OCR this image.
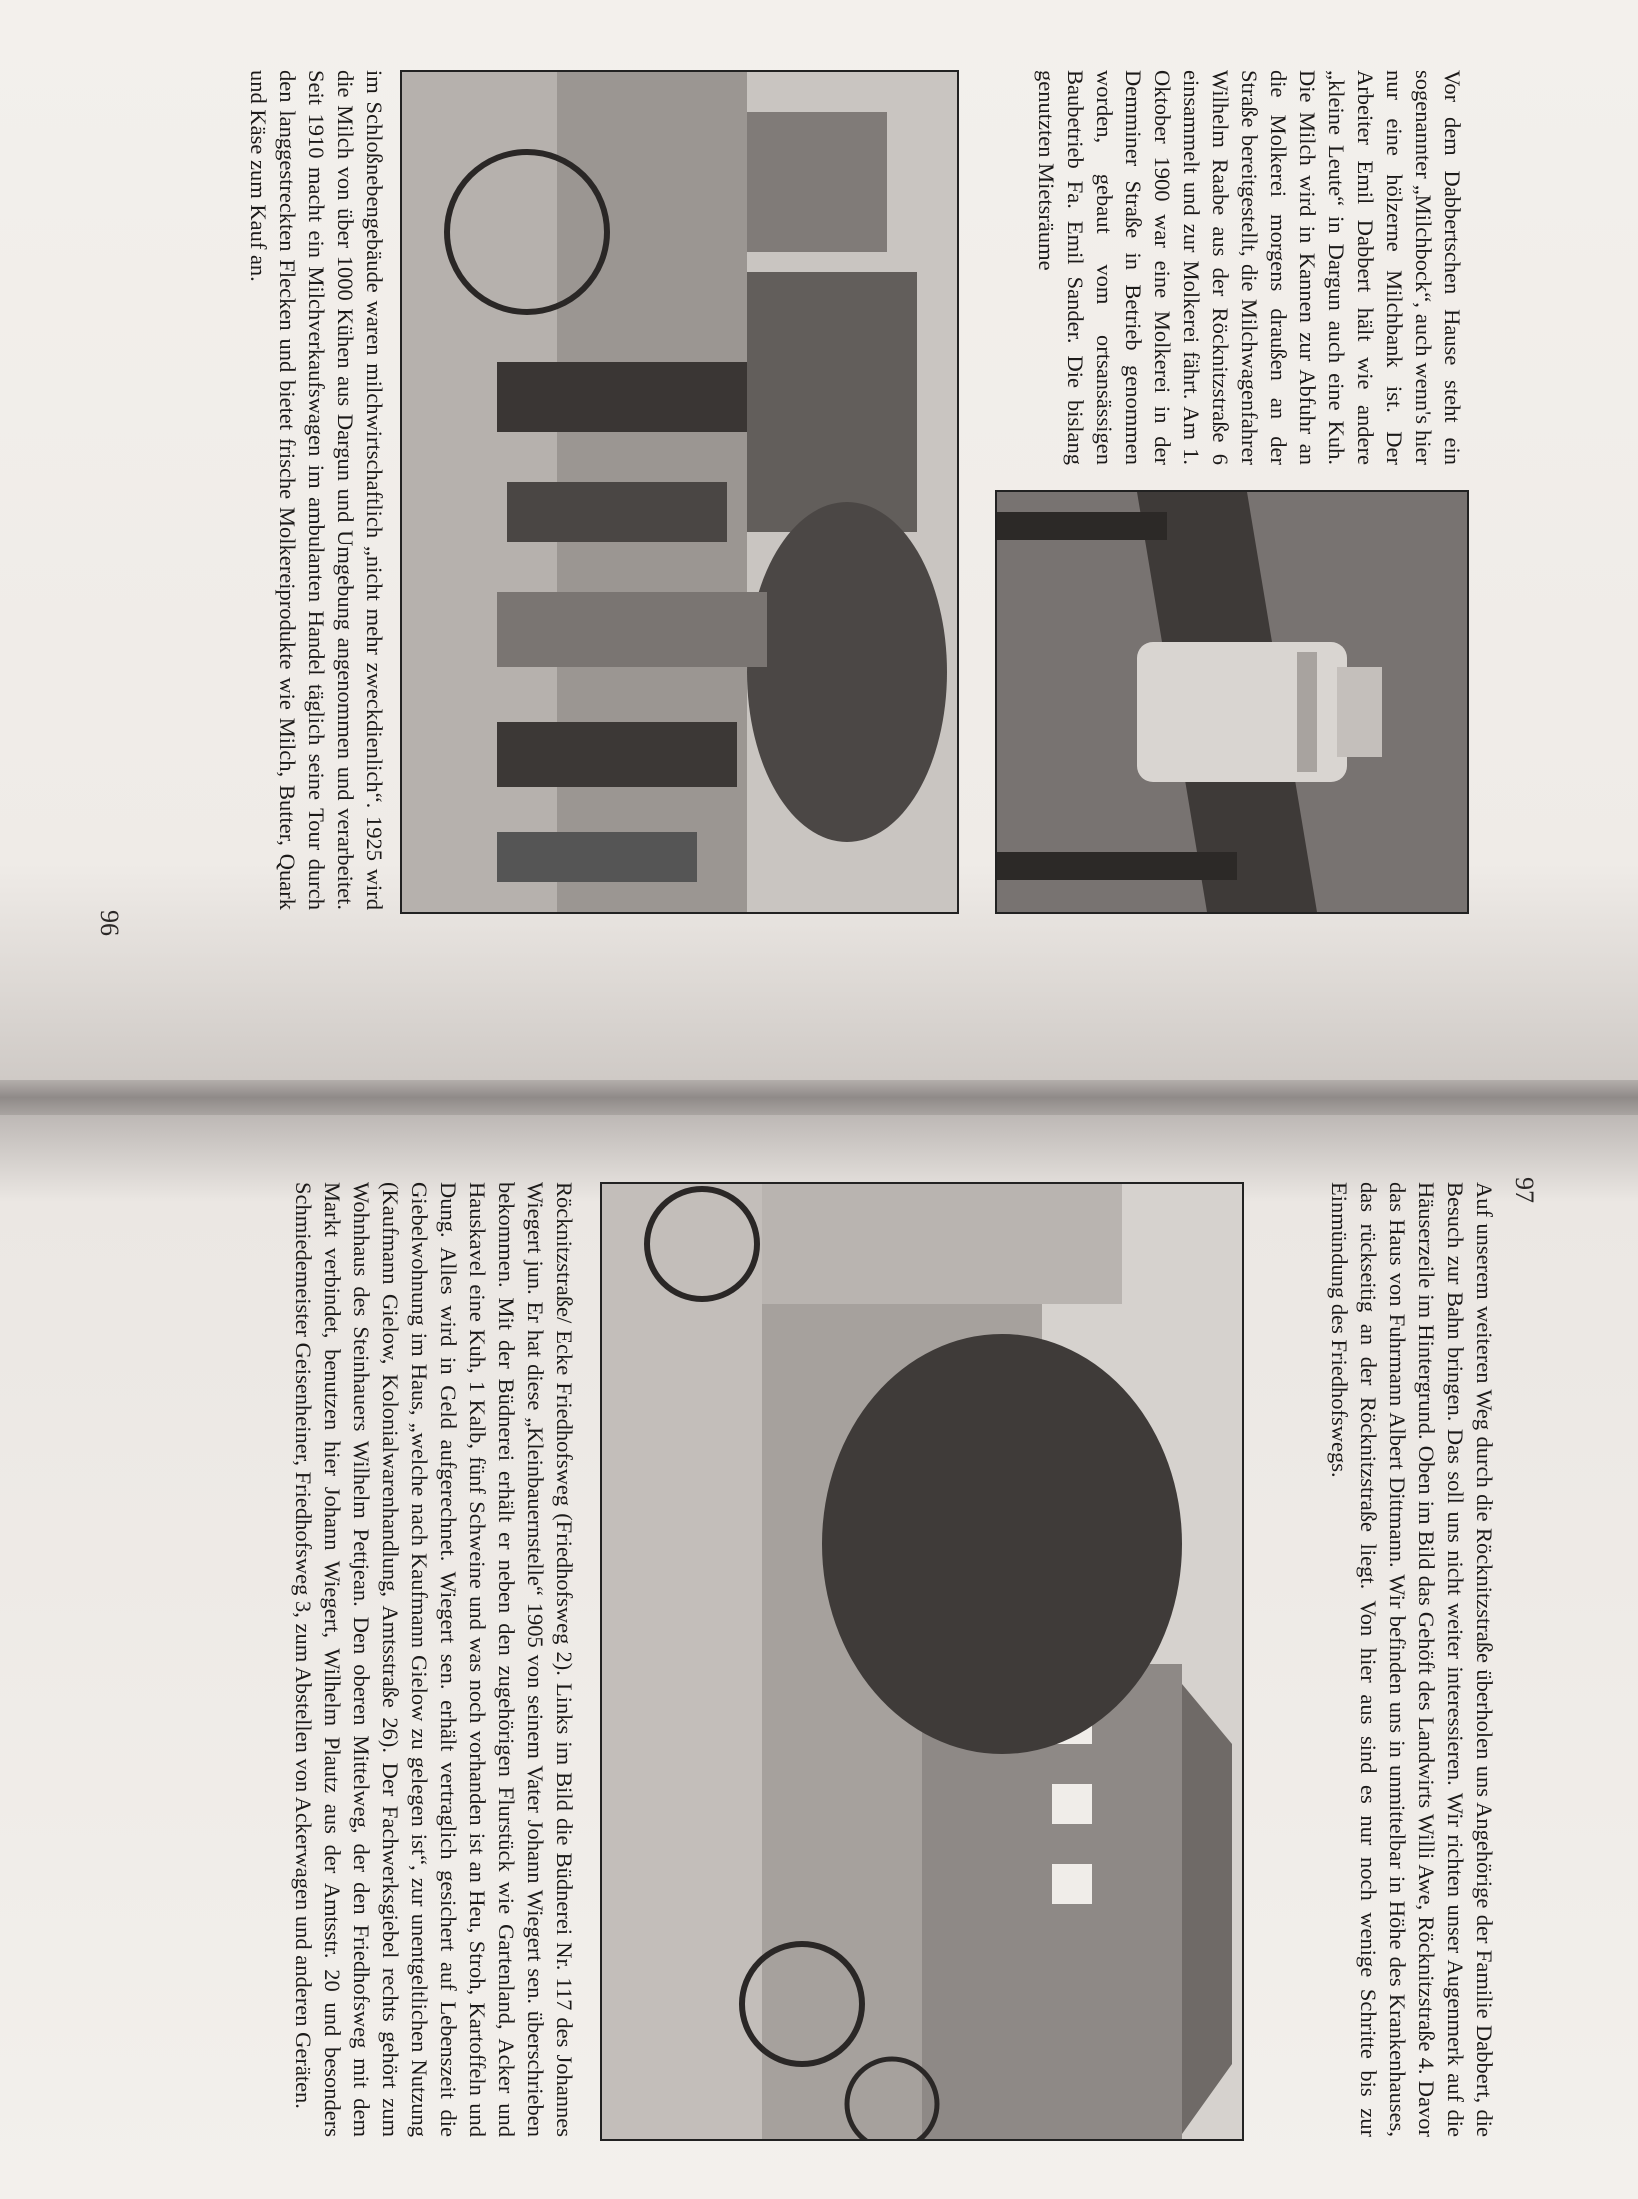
Vor dem Dabbertschen Hause steht ein sogenannter „Milchbock“, auch wenn's hier nur eine hölzerne Milchbank ist. Der Arbeiter Emil Dabbert hält wie andere „kleine Leute“ in Dargun auch eine Kuh. Die Milch wird in Kannen zur Abfuhr an die Molkerei morgens draußen an der Straße bereitgestellt, die Milchwagenfahrer Wilhelm Raabe aus der Röcknitzstraße 6 einsammelt und zur Molkerei fährt. Am 1. Oktober 1900 war eine Molkerei in der Demminer Straße in Betrieb genommen worden, gebaut vom ortsansässigen Baubetrieb Fa. Emil Sander. Die bislang genutzten Mietsräume
im Schloßnebengebäude waren milchwirtschaftlich „nicht mehr zweckdienlich“. 1925 wird die Milch von über 1000 Kühen aus Dargun und Umgebung angenommen und verarbeitet. Seit 1910 macht ein Milchverkaufswagen im ambulanten Handel täglich seine Tour durch den langgestreckten Flecken und bietet frische Molkereiprodukte wie Milch, Butter, Quark und Käse zum Kauf an.
96
97
Auf unserem weiteren Weg durch die Röcknitzstraße überholen uns Angehörige der Familie Dabbert, die Besuch zur Bahn bringen. Das soll uns nicht weiter interessieren. Wir richten unser Augenmerk auf die Häuserzeile im Hintergrund. Oben im Bild das Gehöft des Landwirts Willi Awe, Röcknitzstraße 4. Davor das Haus von Fuhrmann Albert Dittmann. Wir befinden uns in unmittelbar in Höhe des Krankenhauses, das rückseitig an der Röcknitzstraße liegt. Von hier aus sind es nur noch wenige Schritte bis zur Einmündung des Friedhofswegs.
Röcknitzstraße/ Ecke Friedhofsweg (Friedhofsweg 2). Links im Bild die Büdnerei Nr. 117 des Johannes Wiegert jun. Er hat diese „Kleinbauernstelle“ 1905 von seinem Vater Johann Wiegert sen. überschrieben bekommen. Mit der Büdnerei erhält er neben den zugehörigen Flurstück wie Gartenland, Acker und Hauskavel eine Kuh, 1 Kalb, fünf Schweine und was noch vorhanden ist an Heu, Stroh, Kartoffeln und Dung. Alles wird in Geld aufgerechnet. Wiegert sen. erhält vertraglich gesichert auf Lebenszeit die Giebelwohnung im Haus, „welche nach Kaufmann Gielow zu gelegen ist“, zur unentgeltlichen Nutzung (Kaufmann Gielow, Kolonialwarenhandlung, Amtsstraße 26). Der Fachwerksgiebel rechts gehört zum Wohnhaus des Steinhauers Wilhelm Pettjean. Den oberen Mittelweg, der den Friedhofsweg mit dem Markt verbindet, benutzen hier Johann Wiegert, Wilhelm Plautz aus der Amtsstr. 20 und besonders Schmiedemeister Geisenheiner, Friedhofsweg 3, zum Abstellen von Ackerwagen und anderen Geräten.
